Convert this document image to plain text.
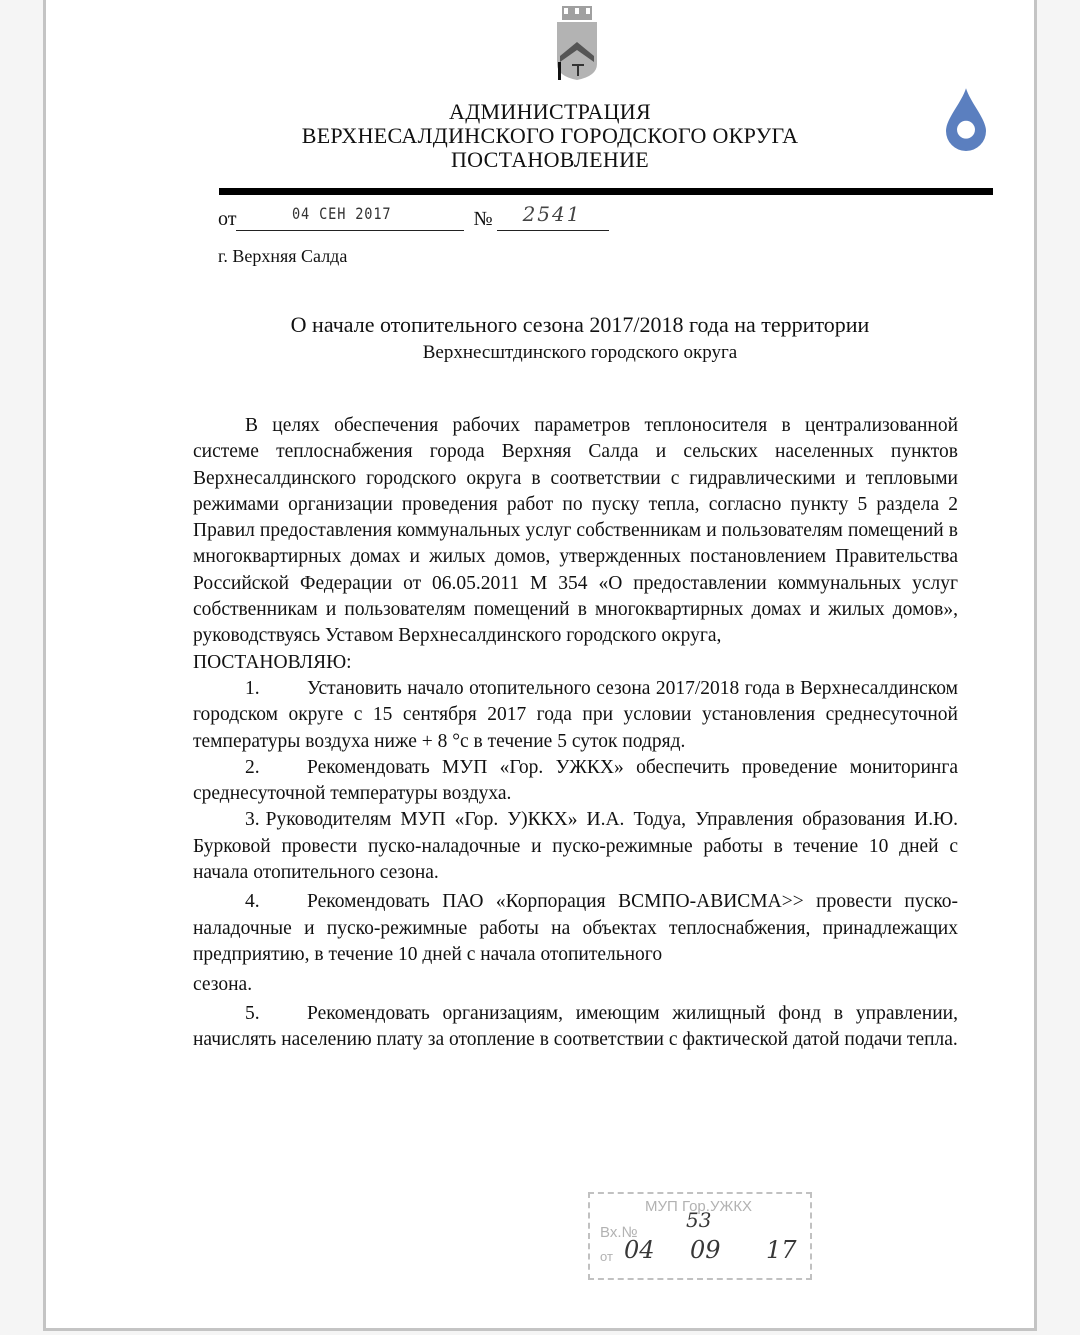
АДМИНИСТРАЦИЯ
ВЕРХНЕСАЛДИНСКОГО ГОРОДСКОГО ОКРУГА
ПОСТАНОВЛЕНИЕ
от	04 СЕН 2017	№ 2541
г. Верхняя Салда
О начале отопительного сезона 2017/2018 года на территории
Верхнесштдинского городского округа

В целях обеспечения рабочих параметров теплоносителя в централизованной системе теплоснабжения города Верхняя Салда и сельских населенных пунктов Верхнесалдинского городского округа в соответствии с гидравлическими и тепловыми режимами организации проведения работ по пуску тепла, согласно пункту 5 раздела 2 Правил предоставления коммунальных услуг собственникам и пользователям помещений в многоквартирных домах и жилых домов, утвержденных постановлением Правительства Российской Федерации от 06.05.2011 М 354 «О предоставлении коммунальных услуг собственникам и пользователям помещений в многоквартирных домах и жилых домов», руководствуясь Уставом Верхнесалдинского городского округа,

ПОСТАНОВЛЯЮ:

1. Установить начало отопительного сезона 2017/2018 года в Верхнесалдинском городском округе с 15 сентября 2017 года при условии установления среднесуточной температуры воздуха ниже + 8 °с в течение 5 суток подряд.

2. Рекомендовать МУП «Гор. УЖКХ» обеспечить проведение мониторинга среднесуточной температуры воздуха.

3. Руководителям МУП «Гор. У)ККХ» И.А. Тодуа, Управления образования И.Ю. Бурковой провести пуско-наладочные и пуско-режимные работы в течение 10 дней с начала отопительного сезона.

4. Рекомендовать ПАО «Корпорация ВСМПО-АВИСМА>> провести пуско-наладочные и пуско-режимные работы на объектах теплоснабжения, принадлежащих предприятию, в течение 10 дней с начала отопительного

сезона.

5. Рекомендовать организациям, имеющим жилищный фонд в управлении, начислять населению плату за отопление в соответствии с фактической датой подачи тепла.

МУП Гор.УЖКХ
Вх.№
53
от 04 09 17
